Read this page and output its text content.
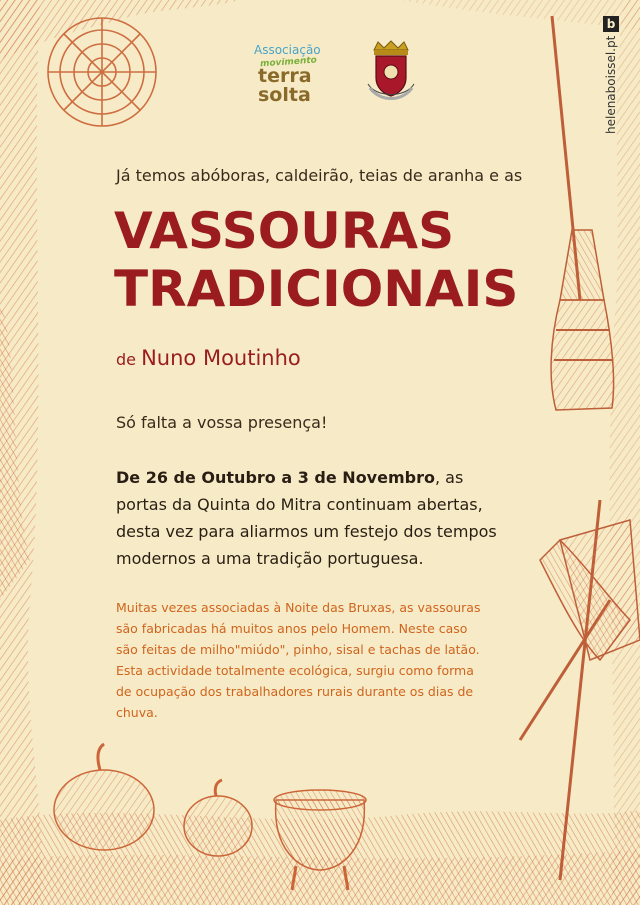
Associação
movimento
terra
solta	helenaboissel.pt
b
Já temos abóboras, caldeirão, teias de aranha e as
VASSOURAS
TRADICIONAIS
de Nuno Moutinho
Só falta a vossa presença!
De 26 de Outubro a 3 de Novembro, as portas da Quinta do Mitra continuam abertas, desta vez para aliarmos um festejo dos tempos modernos a uma tradição portuguesa.
Muitas vezes associadas à Noite das Bruxas, as vassouras são fabricadas há muitos anos pelo Homem. Neste caso são feitas de milho"miúdo", pinho, sisal e tachas de latão. Esta actividade totalmente ecológica, surgiu como forma de ocupação dos trabalhadores rurais durante os dias de chuva.
